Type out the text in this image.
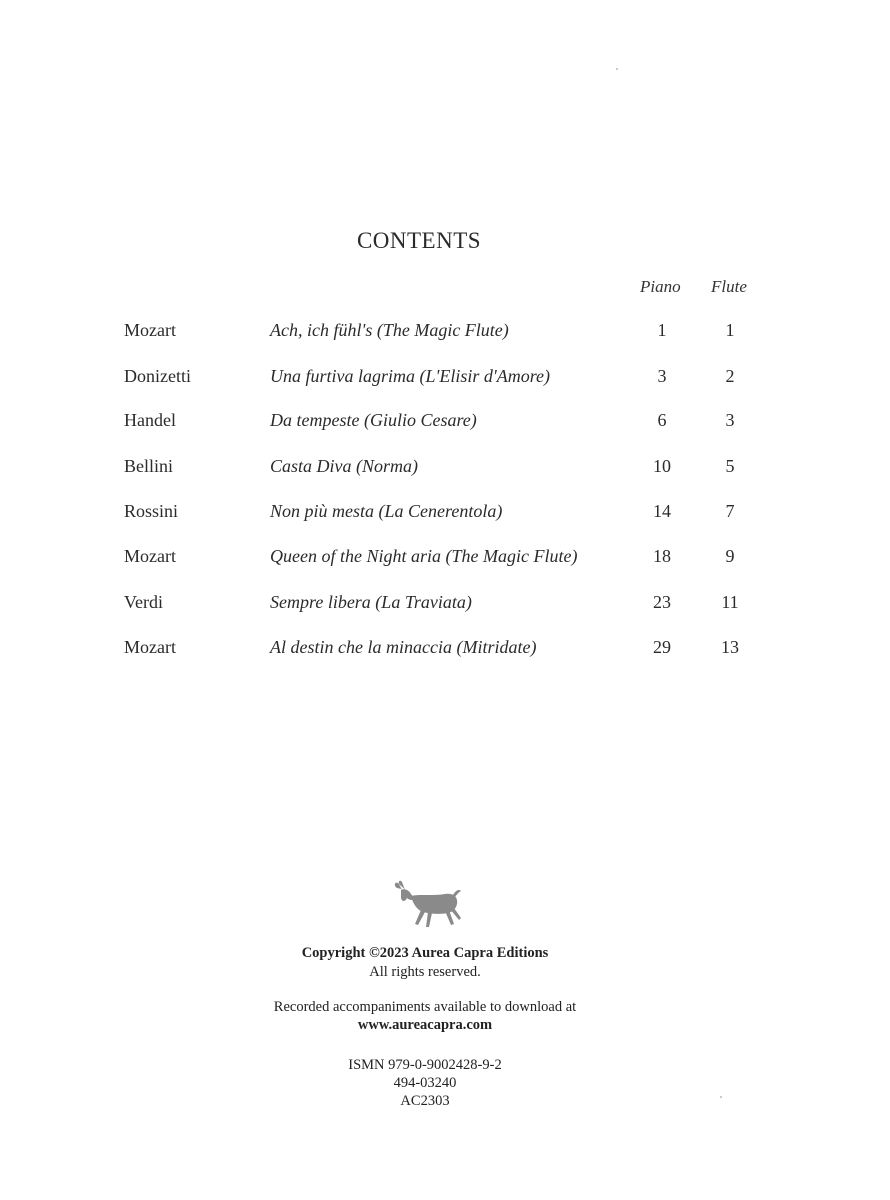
CONTENTS
Piano Flute
Mozart	Ach, ich fühl's (The Magic Flute)	1	1
Donizetti	Una furtiva lagrima (L'Elisir d'Amore)	3	2
Handel	Da tempeste (Giulio Cesare)	6	3
Bellini	Casta Diva (Norma)	10	5
Rossini	Non più mesta (La Cenerentola)	14	7
Mozart	Queen of the Night aria (The Magic Flute)	18	9
Verdi	Sempre libera (La Traviata)	23	11
Mozart	Al destin che la minaccia (Mitridate)	29	13
Copyright ©2023 Aurea Capra Editions
All rights reserved.
Recorded accompaniments available to download at
www.aureacapra.com
ISMN 979-0-9002428-9-2
494-03240
AC2303
